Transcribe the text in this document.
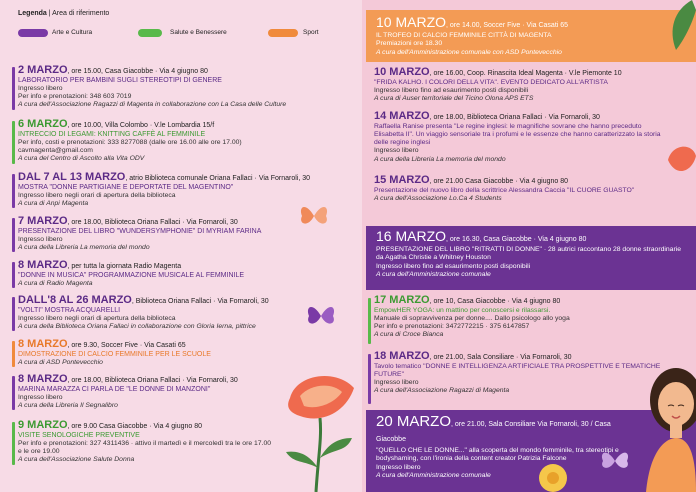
Legenda | Area di riferimento
Arte e Cultura	Salute e Benessere	Sport
2 MARZO, ore 15.00, Casa Giacobbe · Via 4 giugno 80
LABORATORIO PER BAMBINI SUGLI STEREOTIPI DI GENERE
Ingresso libero
Per info e prenotazioni: 348 603 7019
A cura dell'Associazione Ragazzi di Magenta in collaborazione con La Casa delle Culture
6 MARZO, ore 10.00, Villa Colombo · V.le Lombardia 15/f
INTRECCIO DI LEGAMI: KNITTING CAFFÈ AL FEMMINILE
Per info, costi e prenotazioni: 333 8277088 (dalle ore 16.00 alle ore 17.00)
cavmagenta@gmail.com
A cura del Centro di Ascolto alla Vita ODV
DAL 7 AL 13 MARZO, atrio Biblioteca comunale Oriana Fallaci · Via Fornaroli, 30
MOSTRA "DONNE PARTIGIANE E DEPORTATE DEL MAGENTINO"
Ingresso libero negli orari di apertura della biblioteca
A cura di Anpi Magenta
7 MARZO, ore 18.00, Biblioteca Oriana Fallaci · Via Fornaroli, 30
PRESENTAZIONE DEL LIBRO "WUNDERSYMPHONIE" DI MYRIAM FARINA
Ingresso libero
A cura della Libreria La memoria del mondo
8 MARZO, per tutta la giornata Radio Magenta
"DONNE IN MUSICA" PROGRAMMAZIONE MUSICALE AL FEMMINILE
A cura di Radio Magenta
DALL'8 AL 26 MARZO, Biblioteca Oriana Fallaci · Via Fornaroli, 30
"VOLTI" MOSTRA ACQUARELLI
Ingresso libero negli orari di apertura della biblioteca
A cura della Biblioteca Oriana Fallaci in collaborazione con Gloria Ierna, pittrice
8 MARZO, ore 9.30, Soccer Five · Via Casati 65
DIMOSTRAZIONE DI CALCIO FEMMINILE PER LE SCUOLE
A cura di ASD Pontevecchio
8 MARZO, ore 18.00, Biblioteca Oriana Fallaci · Via Fornaroli, 30
MARINA MARAZZA CI PARLA DE "LE DONNE DI MANZONI"
Ingresso libero
A cura della Libreria Il Segnalibro
9 MARZO, ore 9.00 Casa Giacobbe · Via 4 giugno 80
VISITE SENOLOGICHE PREVENTIVE
Per info e prenotazioni: 327 4311436 · attivo il martedì e il mercoledì tra le ore 17.00
e le ore 19.00
A cura dell'Associazione Salute Donna
10 MARZO, ore 14.00, Soccer Five · Via Casati 65
IL TROFEO DI CALCIO FEMMINILE CITTÀ DI MAGENTA
Premiazioni ore 18.30
A cura dell'Amministrazione comunale con ASD Pontevecchio
10 MARZO, ore 16.00, Coop. Rinascita Ideal Magenta · V.le Piemonte 10
"FRIDA KALHO. I COLORI DELLA VITA". EVENTO DEDICATO ALL'ARTISTA
Ingresso libero fino ad esaurimento posti disponibili
A cura di Auser territoriale del Ticino Olona APS ETS
14 MARZO, ore 18.00, Biblioteca Oriana Fallaci · Via Fornaroli, 30
Raffaella Ranise presenta "Le regine inglesi: le magnifiche sovrane che hanno preceduto Elisabetta II". Un viaggio sensoriale tra i profumi e le essenze che hanno caratterizzato la storia delle regine inglesi
Ingresso libero
A cura della Libreria La memoria del mondo
15 MARZO, ore 21.00 Casa Giacobbe · Via 4 giugno 80
Presentazione del nuovo libro della scrittrice Alessandra Caccia "IL CUORE GUASTO"
A cura dell'Associazione Lo.Ca 4 Students
16 MARZO, ore 16.30, Casa Giacobbe · Via 4 giugno 80
PRESENTAZIONE DEL LIBRO "RITRATTI DI DONNE" · 28 autrici raccontano 28 donne straordinarie da Agatha Christie a Whitney Houston
Ingresso libero fino ad esaurimento posti disponibili
A cura dell'Amministrazione comunale
17 MARZO, ore 10, Casa Giacobbe · Via 4 giugno 80
EmpowHER YOGA: un mattino per conoscersi e rilassarsi.
Manuale di sopravvivenza per donne.... Dallo psicologo allo yoga
Per info e prenotazioni: 3472772215 · 375 6147857
A cura di Croce Bianca
18 MARZO, ore 21.00, Sala Consiliare · Via Fornaroli, 30
Tavolo tematico "DONNE E INTELLIGENZA ARTIFICIALE TRA PROSPETTIVE E TEMATICHE FUTURE"
Ingresso libero
A cura dell'Associazione Ragazzi di Magenta
20 MARZO, ore 21.00, Sala Consiliare Via Fornaroli, 30 / Casa Giacobbe
"QUELLO CHE LE DONNE..." alla scoperta del mondo femminile, tra stereotipi e bodyshaming, con l'ironia della content creator Patrizia Falcone
Ingresso libero
A cura dell'Amministrazione comunale
